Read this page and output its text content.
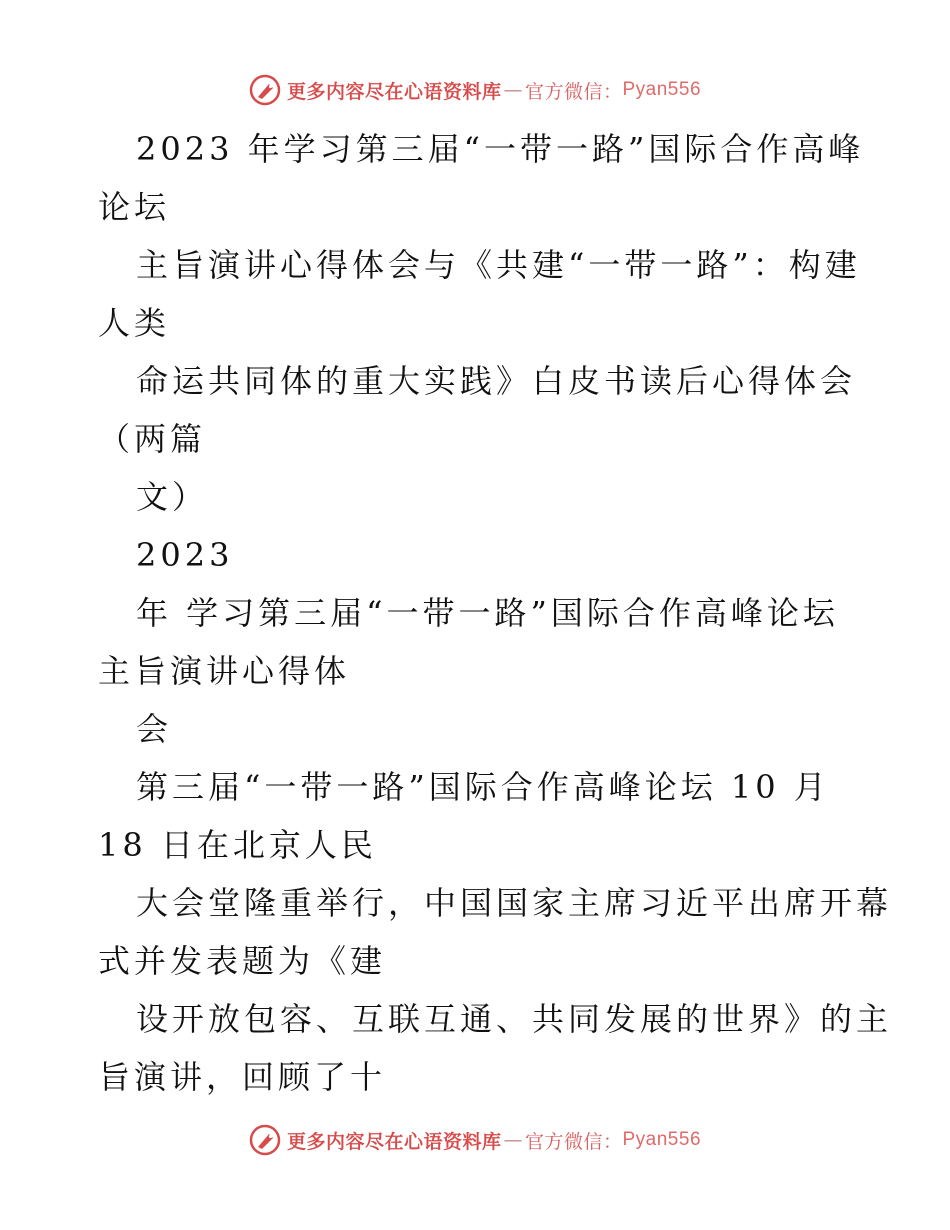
更多内容尽在心语资料库 — 官方微信： Pyan556
2023 年学习第三届“一带一路”国际合作高峰
论坛
主旨演讲心得体会与《共建“一带一路”：构建
人类
命运共同体的重大实践》白皮书读后心得体会
（两篇
文）
2023
年 学习第三届“一带一路”国际合作高峰论坛
主旨演讲心得体
会
第三届“一带一路”国际合作高峰论坛 10 月
18 日在北京人民
大会堂隆重举行，中国国家主席习近平出席开幕
式并发表题为《建
设开放包容、互联互通、共同发展的世界》的主
旨演讲，回顾了十
更多内容尽在心语资料库 — 官方微信： Pyan556
